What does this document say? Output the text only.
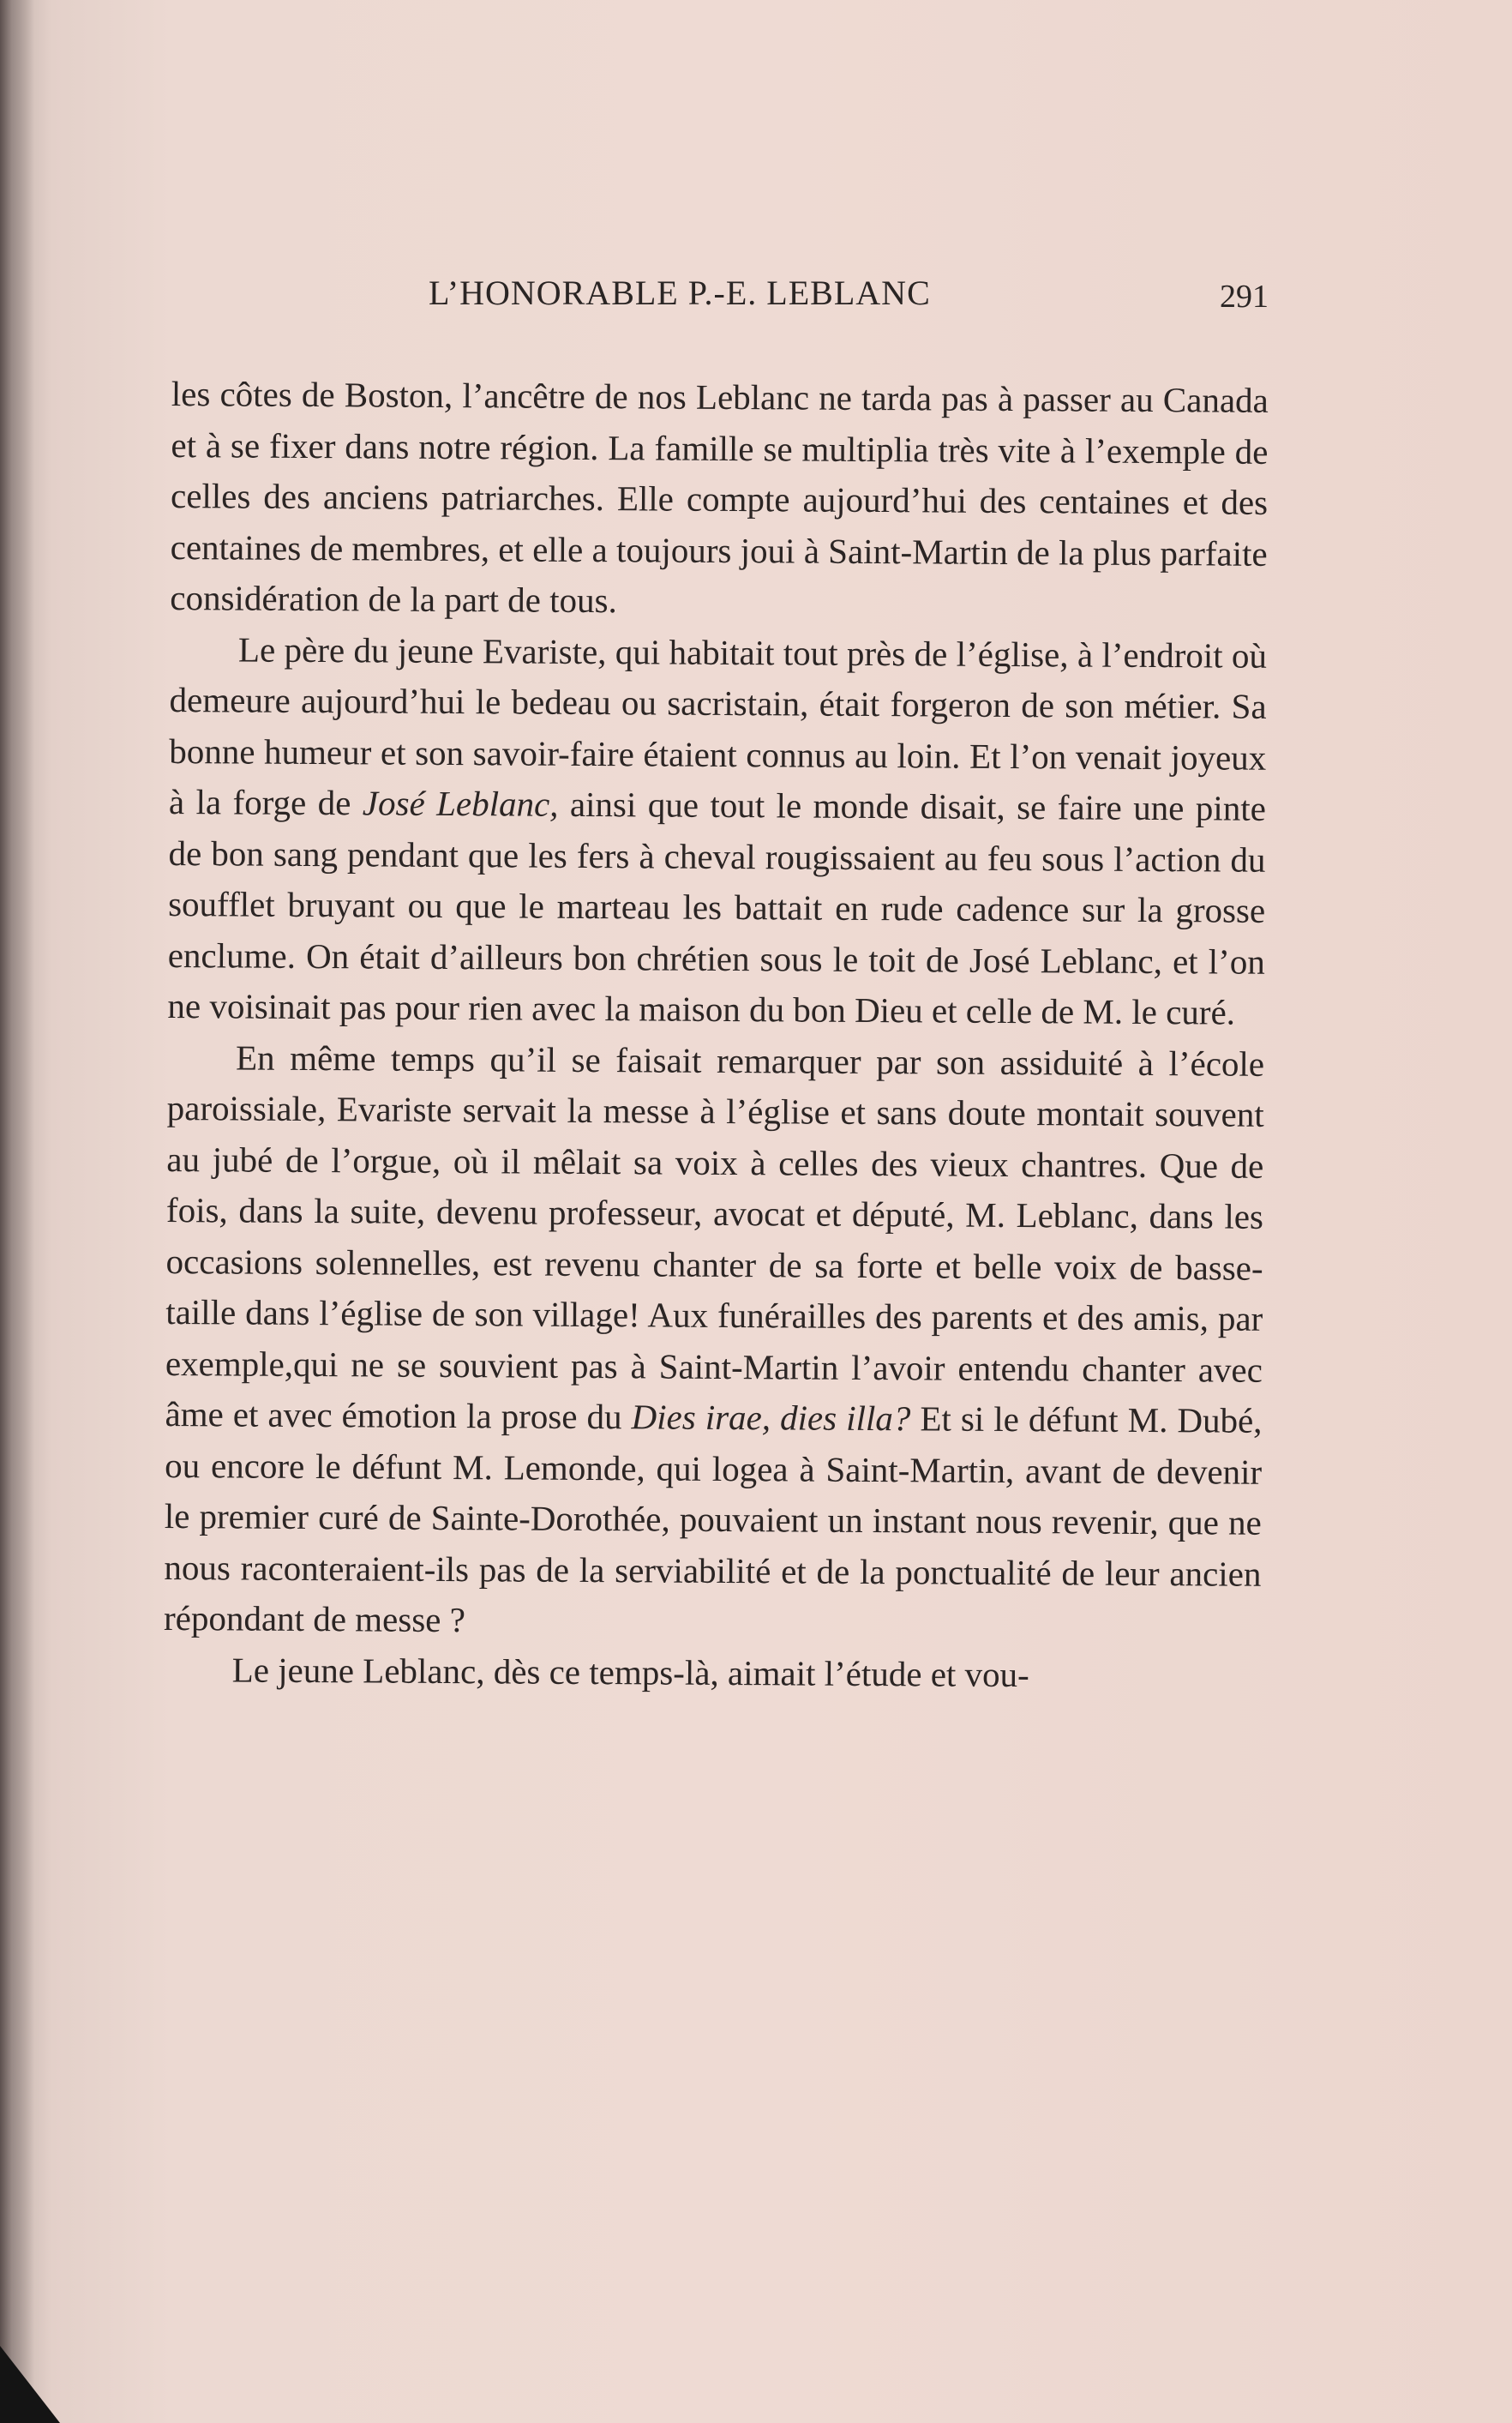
L’HONORABLE P.-E. LEBLANC	291

les côtes de Boston, l’ancêtre de nos Leblanc ne tarda pas à passer au Canada et à se fixer dans notre région. La famille se multiplia très vite à l’exemple de celles des anciens patriarches. Elle compte aujourd’hui des centaines et des centaines de membres, et elle a toujours joui à Saint-Martin de la plus parfaite considération de la part de tous.

Le père du jeune Evariste, qui habitait tout près de l’église, à l’endroit où demeure aujourd’hui le bedeau ou sacristain, était forgeron de son métier. Sa bonne humeur et son savoir-faire étaient connus au loin. Et l’on venait joyeux à la forge de José Leblanc, ainsi que tout le monde disait, se faire une pinte de bon sang pendant que les fers à cheval rougissaient au feu sous l’action du soufflet bruyant ou que le marteau les battait en rude cadence sur la grosse enclume. On était d’ailleurs bon chrétien sous le toit de José Leblanc, et l’on ne voisinait pas pour rien avec la maison du bon Dieu et celle de M. le curé.

En même temps qu’il se faisait remarquer par son assiduité à l’école paroissiale, Evariste servait la messe à l’église et sans doute montait souvent au jubé de l’orgue, où il mêlait sa voix à celles des vieux chantres. Que de fois, dans la suite, devenu professeur, avocat et député, M. Leblanc, dans les occasions solennelles, est revenu chanter de sa forte et belle voix de basse-taille dans l’église de son village! Aux funérailles des parents et des amis, par exemple,qui ne se souvient pas à Saint-Martin l’avoir entendu chanter avec âme et avec émotion la prose du Dies irae, dies illa? Et si le défunt M. Dubé, ou encore le défunt M. Lemonde, qui logea à Saint-Martin, avant de devenir le premier curé de Sainte-Dorothée, pouvaient un instant nous revenir, que ne nous raconteraient-ils pas de la serviabilité et de la ponctualité de leur ancien répondant de messe ?

Le jeune Leblanc, dès ce temps-là, aimait l’étude et vou-
